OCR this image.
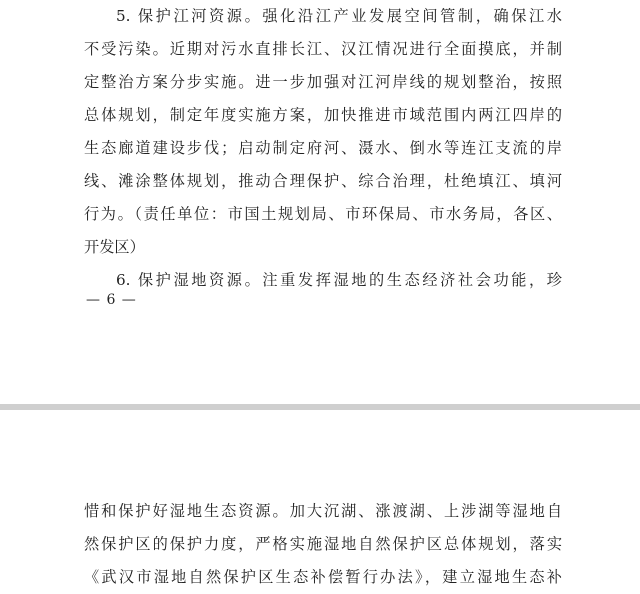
5. 保护江河资源。强化沿江产业发展空间管制，确保江水
不受污染。近期对污水直排长江、汉江情况进行全面摸底，并制
定整治方案分步实施。进一步加强对江河岸线的规划整治，按照
总体规划，制定年度实施方案，加快推进市域范围内两江四岸的
生态廊道建设步伐；启动制定府河、滠水、倒水等连江支流的岸
线、滩涂整体规划，推动合理保护、综合治理，杜绝填江、填河
行为。（责任单位：市国土规划局、市环保局、市水务局，各区、
开发区）
6. 保护湿地资源。注重发挥湿地的生态经济社会功能，珍
— 6 —
惜和保护好湿地生态资源。加大沉湖、涨渡湖、上涉湖等湿地自
然保护区的保护力度，严格实施湿地自然保护区总体规划，落实
《武汉市湿地自然保护区生态补偿暂行办法》，建立湿地生态补
